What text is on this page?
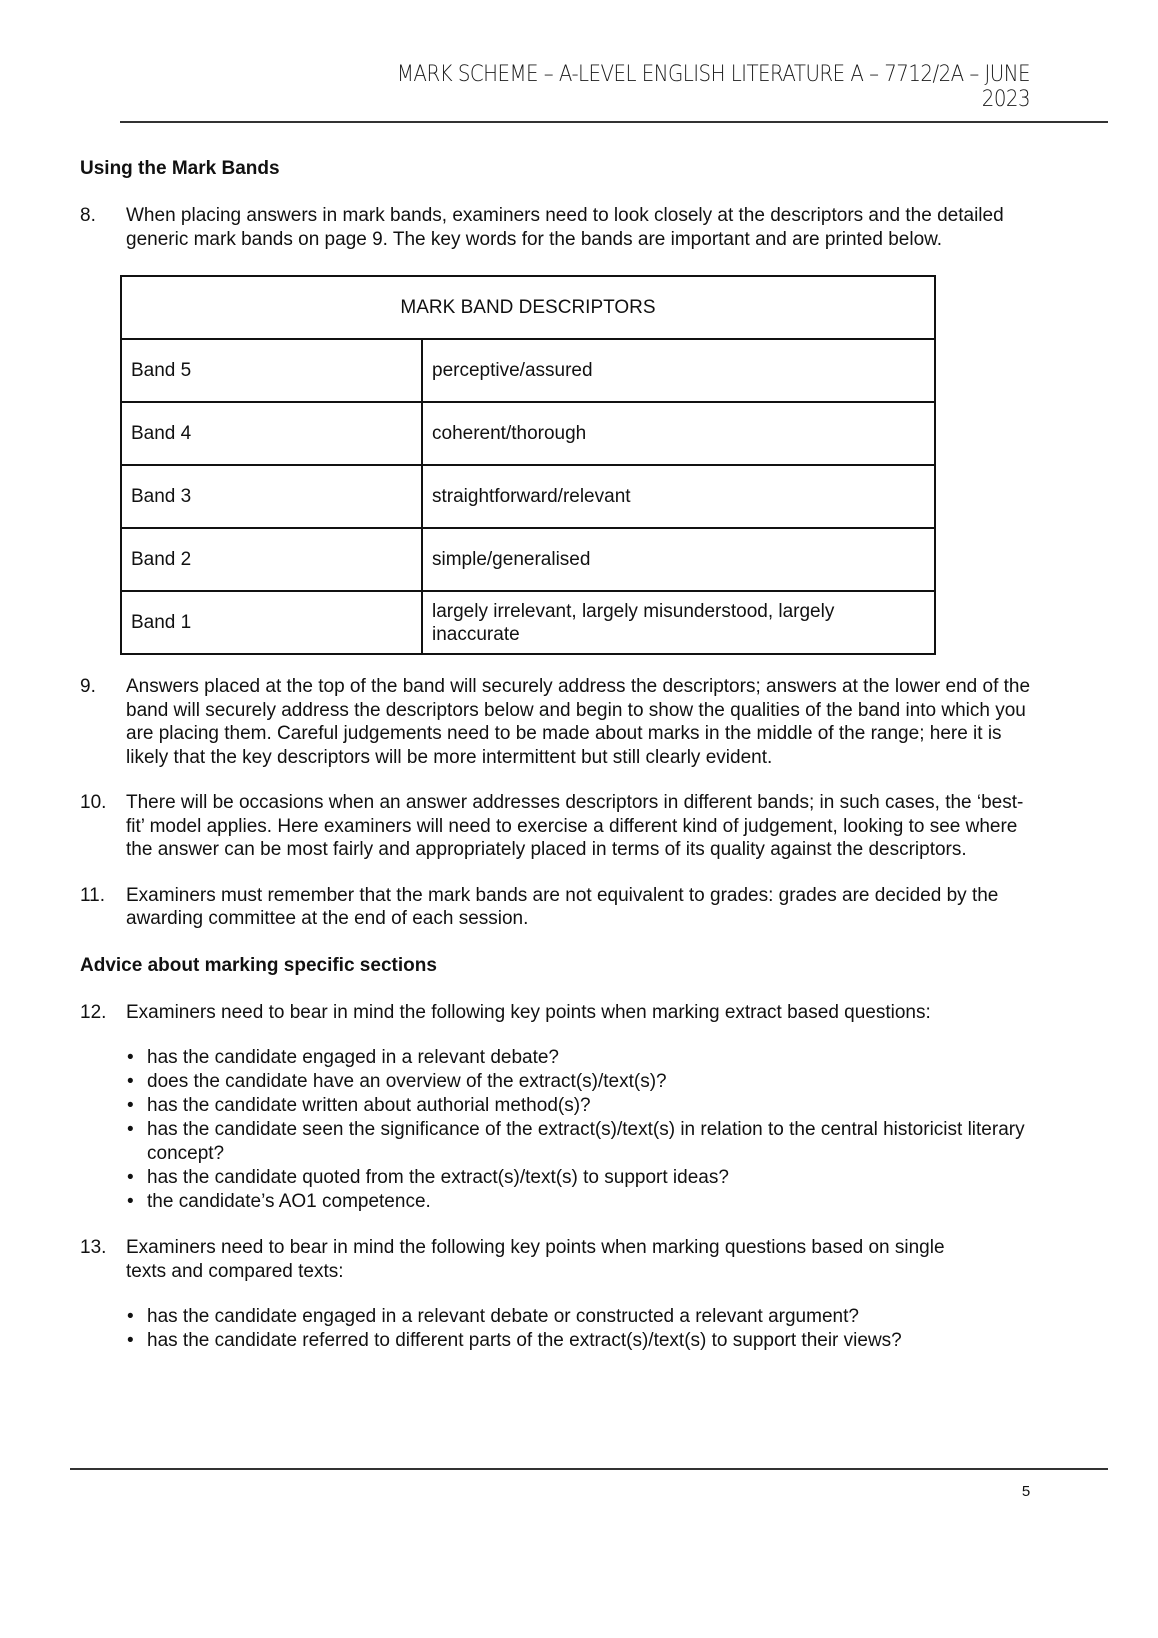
MARK SCHEME – A-LEVEL ENGLISH LITERATURE A – 7712/2A – JUNE 2023
Using the Mark Bands
8.	When placing answers in mark bands, examiners need to look closely at the descriptors and the detailed generic mark bands on page 9. The key words for the bands are important and are printed below.
MARK BAND DESCRIPTORS	
Band 5	perceptive/assured
Band 4	coherent/thorough
Band 3	straightforward/relevant
Band 2	simple/generalised
Band 1	largely irrelevant, largely misunderstood, largely inaccurate
9.	Answers placed at the top of the band will securely address the descriptors; answers at the lower end of the band will securely address the descriptors below and begin to show the qualities of the band into which you are placing them. Careful judgements need to be made about marks in the middle of the range; here it is likely that the key descriptors will be more intermittent but still clearly evident.
10.	There will be occasions when an answer addresses descriptors in different bands; in such cases, the ‘best-fit’ model applies. Here examiners will need to exercise a different kind of judgement, looking to see where the answer can be most fairly and appropriately placed in terms of its quality against the descriptors.
11.	Examiners must remember that the mark bands are not equivalent to grades: grades are decided by the awarding committee at the end of each session.
Advice about marking specific sections
12.	Examiners need to bear in mind the following key points when marking extract based questions:
• has the candidate engaged in a relevant debate?
• does the candidate have an overview of the extract(s)/text(s)?
• has the candidate written about authorial method(s)?
• has the candidate seen the significance of the extract(s)/text(s) in relation to the central historicist literary concept?
• has the candidate quoted from the extract(s)/text(s) to support ideas?
• the candidate’s AO1 competence.
13.	Examiners need to bear in mind the following key points when marking questions based on single texts and compared texts:
• has the candidate engaged in a relevant debate or constructed a relevant argument?
• has the candidate referred to different parts of the extract(s)/text(s) to support their views?
5
